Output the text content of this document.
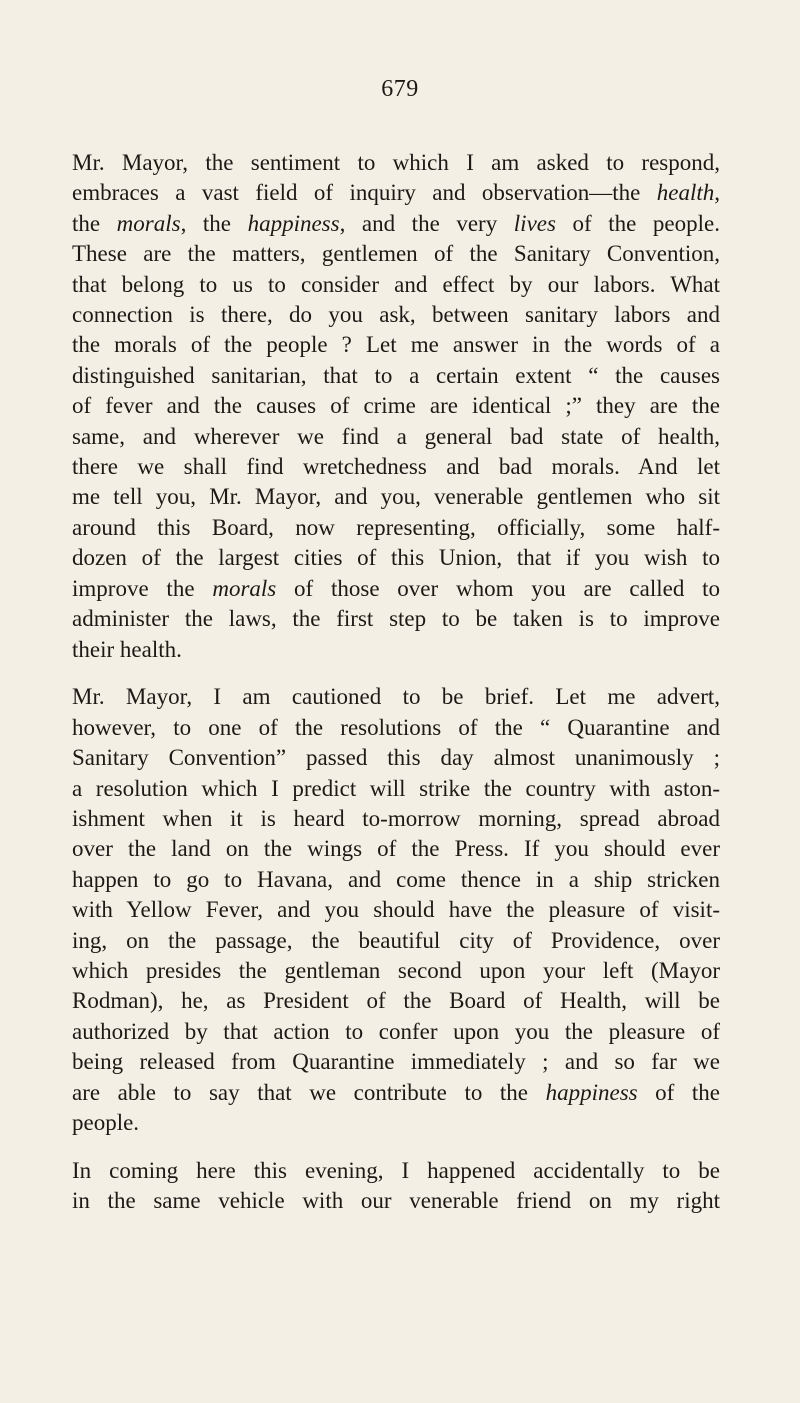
679

Mr. Mayor, the sentiment to which I am asked to respond,
embraces a vast field of inquiry and observation—the health,
the morals, the happiness, and the very lives of the people.
These are the matters, gentlemen of the Sanitary Convention,
that belong to us to consider and effect by our labors. What
connection is there, do you ask, between sanitary labors and
the morals of the people ? Let me answer in the words of a
distinguished sanitarian, that to a certain extent “ the causes
of fever and the causes of crime are identical ;” they are the
same, and wherever we find a general bad state of health,
there we shall find wretchedness and bad morals. And let
me tell you, Mr. Mayor, and you, venerable gentlemen who sit
around this Board, now representing, officially, some half-
dozen of the largest cities of this Union, that if you wish to
improve the morals of those over whom you are called to
administer the laws, the first step to be taken is to improve
their health.

Mr. Mayor, I am cautioned to be brief. Let me advert,
however, to one of the resolutions of the “ Quarantine and
Sanitary Convention” passed this day almost unanimously ;
a resolution which I predict will strike the country with aston-
ishment when it is heard to-morrow morning, spread abroad
over the land on the wings of the Press. If you should ever
happen to go to Havana, and come thence in a ship stricken
with Yellow Fever, and you should have the pleasure of visit-
ing, on the passage, the beautiful city of Providence, over
which presides the gentleman second upon your left (Mayor
Rodman), he, as President of the Board of Health, will be
authorized by that action to confer upon you the pleasure of
being released from Quarantine immediately ; and so far we
are able to say that we contribute to the happiness of the
people.

In coming here this evening, I happened accidentally to be
in the same vehicle with our venerable friend on my right
